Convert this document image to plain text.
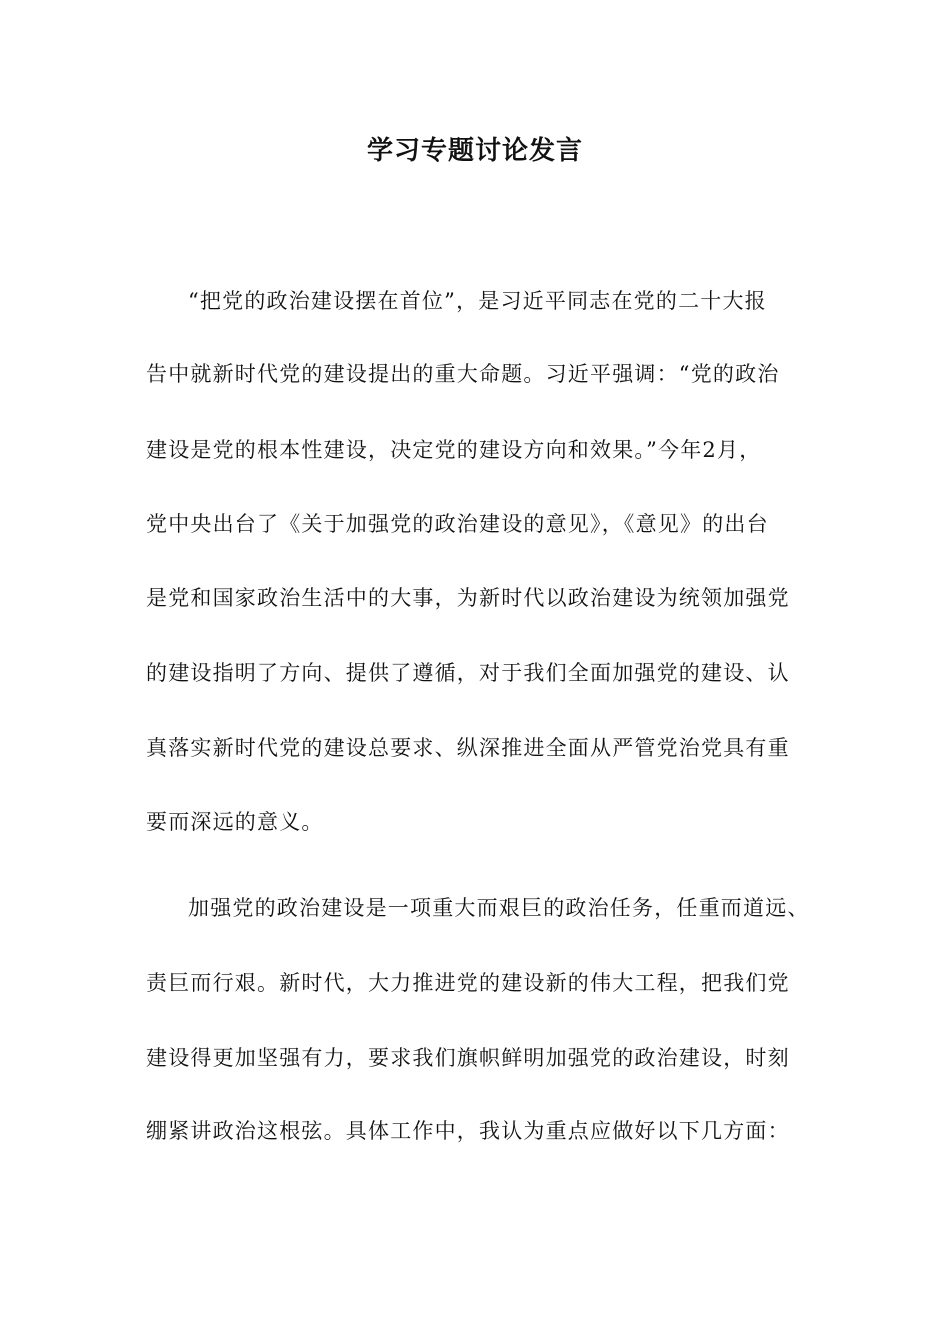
学习专题讨论发言

“把党的政治建设摆在首位”，是习近平同志在党的二十大报

告中就新时代党的建设提出的重大命题。习近平强调：“党的政治

建设是党的根本性建设，决定党的建设方向和效果。”今年2月，

党中央出台了《关于加强党的政治建设的意见》，《意见》的出台

是党和国家政治生活中的大事，为新时代以政治建设为统领加强党

的建设指明了方向、提供了遵循，对于我们全面加强党的建设、认

真落实新时代党的建设总要求、纵深推进全面从严管党治党具有重

要而深远的意义。

加强党的政治建设是一项重大而艰巨的政治任务，任重而道远、

责巨而行艰。新时代，大力推进党的建设新的伟大工程，把我们党

建设得更加坚强有力，要求我们旗帜鲜明加强党的政治建设，时刻

绷紧讲政治这根弦。具体工作中，我认为重点应做好以下几方面：
